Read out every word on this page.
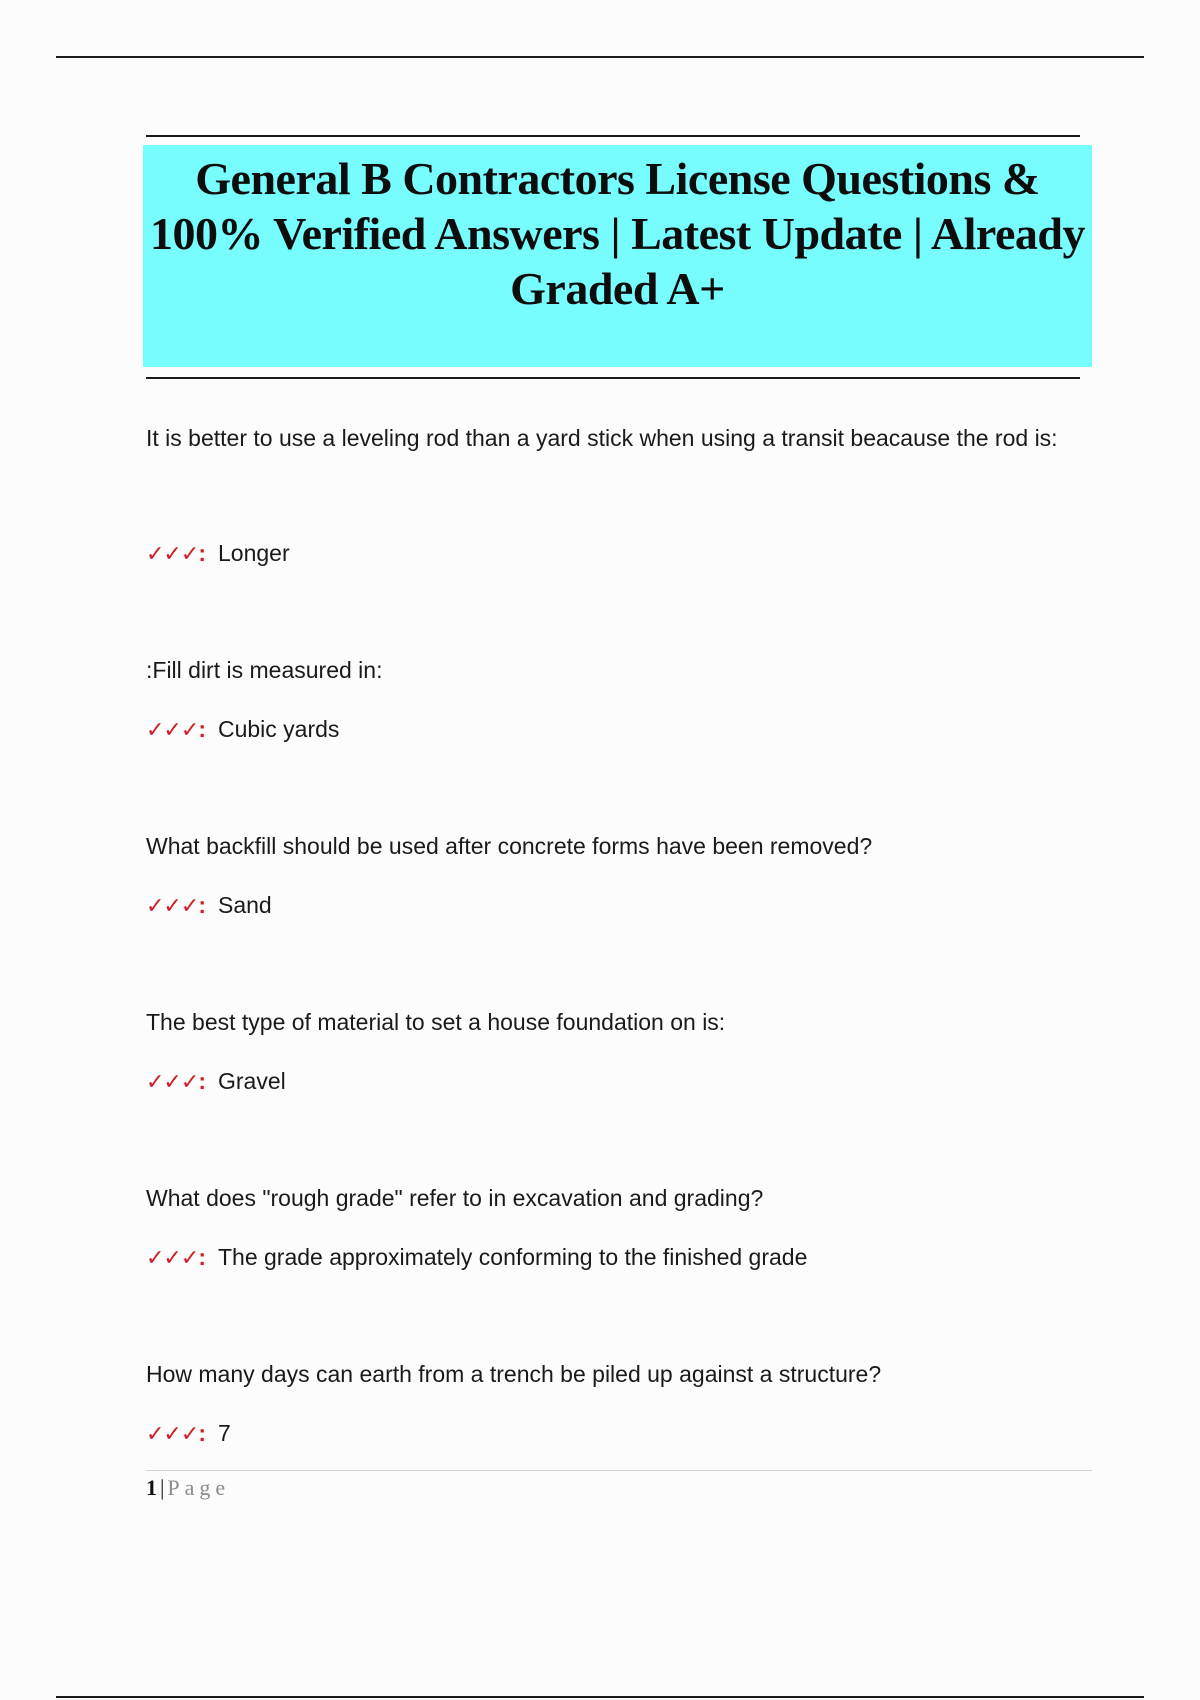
General B Contractors License Questions &

100% Verified Answers | Latest Update | Already

Graded A+

It is better to use a leveling rod than a yard stick when using a transit beacause the rod is:
✓✓✓: Longer
:Fill dirt is measured in:
✓✓✓: Cubic yards
What backfill should be used after concrete forms have been removed?
✓✓✓: Sand
The best type of material to set a house foundation on is:
✓✓✓: Gravel
What does "rough grade" refer to in excavation and grading?
✓✓✓: The grade approximately conforming to the finished grade
How many days can earth from a trench be piled up against a structure?
✓✓✓: 7
1 | Page
